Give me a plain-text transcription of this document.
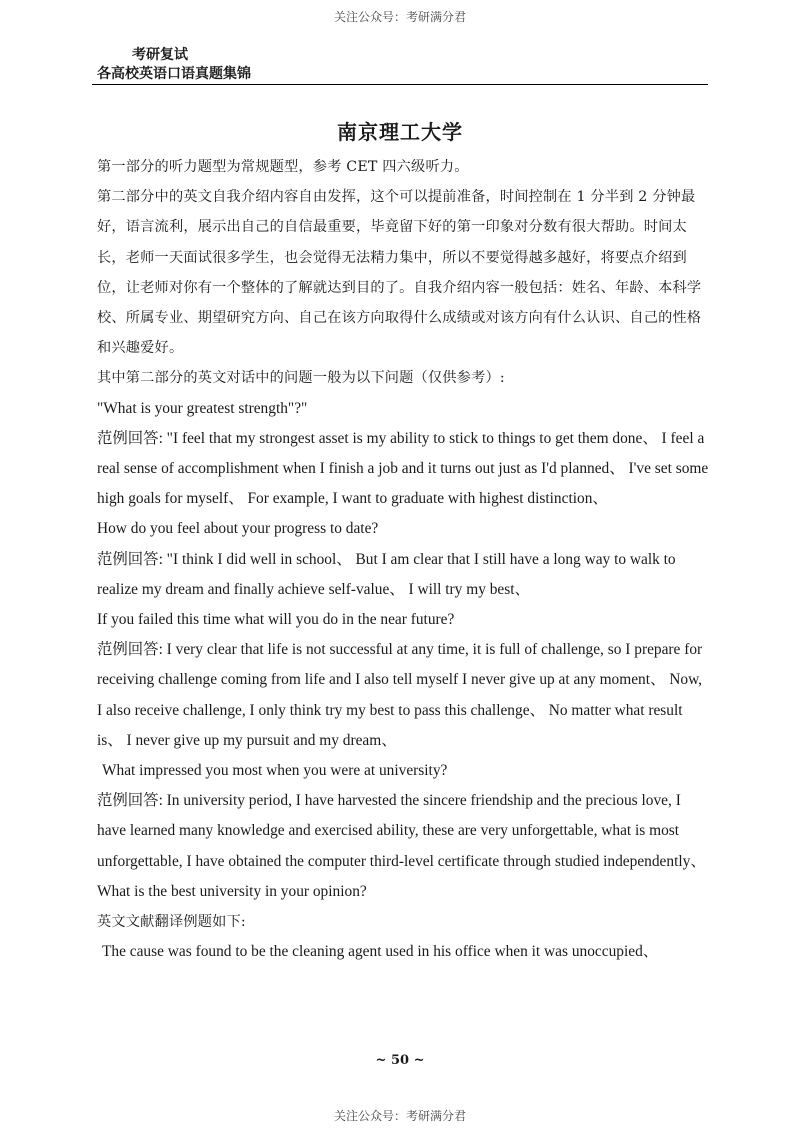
关注公众号：考研满分君
考研复试
各高校英语口语真题集锦
南京理工大学

第一部分的听力题型为常规题型，参考 CET 四六级听力。

第二部分中的英文自我介绍内容自由发挥，这个可以提前准备，时间控制在 1 分半到 2 分钟最好，语言流利，展示出自己的自信最重要，毕竟留下好的第一印象对分数有很大帮助。时间太长，老师一天面试很多学生，也会觉得无法精力集中，所以不要觉得越多越好，将要点介绍到位，让老师对你有一个整体的了解就达到目的了。自我介绍内容一般包括：姓名、年龄、本科学校、所属专业、期望研究方向、自己在该方向取得什么成绩或对该方向有什么认识、自己的性格和兴趣爱好。

其中第二部分的英文对话中的问题一般为以下问题（仅供参考）:

"What is your greatest strength"?"

范例回答: "I feel that my strongest asset is my ability to stick to things to get them done、 I feel a real sense of accomplishment when I finish a job and it turns out just as I'd planned、 I've set some high goals for myself、 For example, I want to graduate with highest distinction、

How do you feel about your progress to date?

范例回答: "I think I did well in school、 But I am clear that I still have a long way to walk to realize my dream and finally achieve self-value、 I will try my best、

If you failed this time what will you do in the near future?

范例回答: I very clear that life is not successful at any time, it is full of challenge, so I prepare for receiving challenge coming from life and I also tell myself I never give up at any moment、 Now, I also receive challenge, I only think try my best to pass this challenge、 No matter what result is、 I never give up my pursuit and my dream、

What impressed you most when you were at university?

范例回答: In university period, I have harvested the sincere friendship and the precious love, I have learned many knowledge and exercised ability, these are very unforgettable, what is most unforgettable, I have obtained the computer third-level certificate through studied independently、

What is the best university in your opinion?

英文文献翻译例题如下:

The cause was found to be the cleaning agent used in his office when it was unoccupied、

~ 50 ~
关注公众号：考研满分君
